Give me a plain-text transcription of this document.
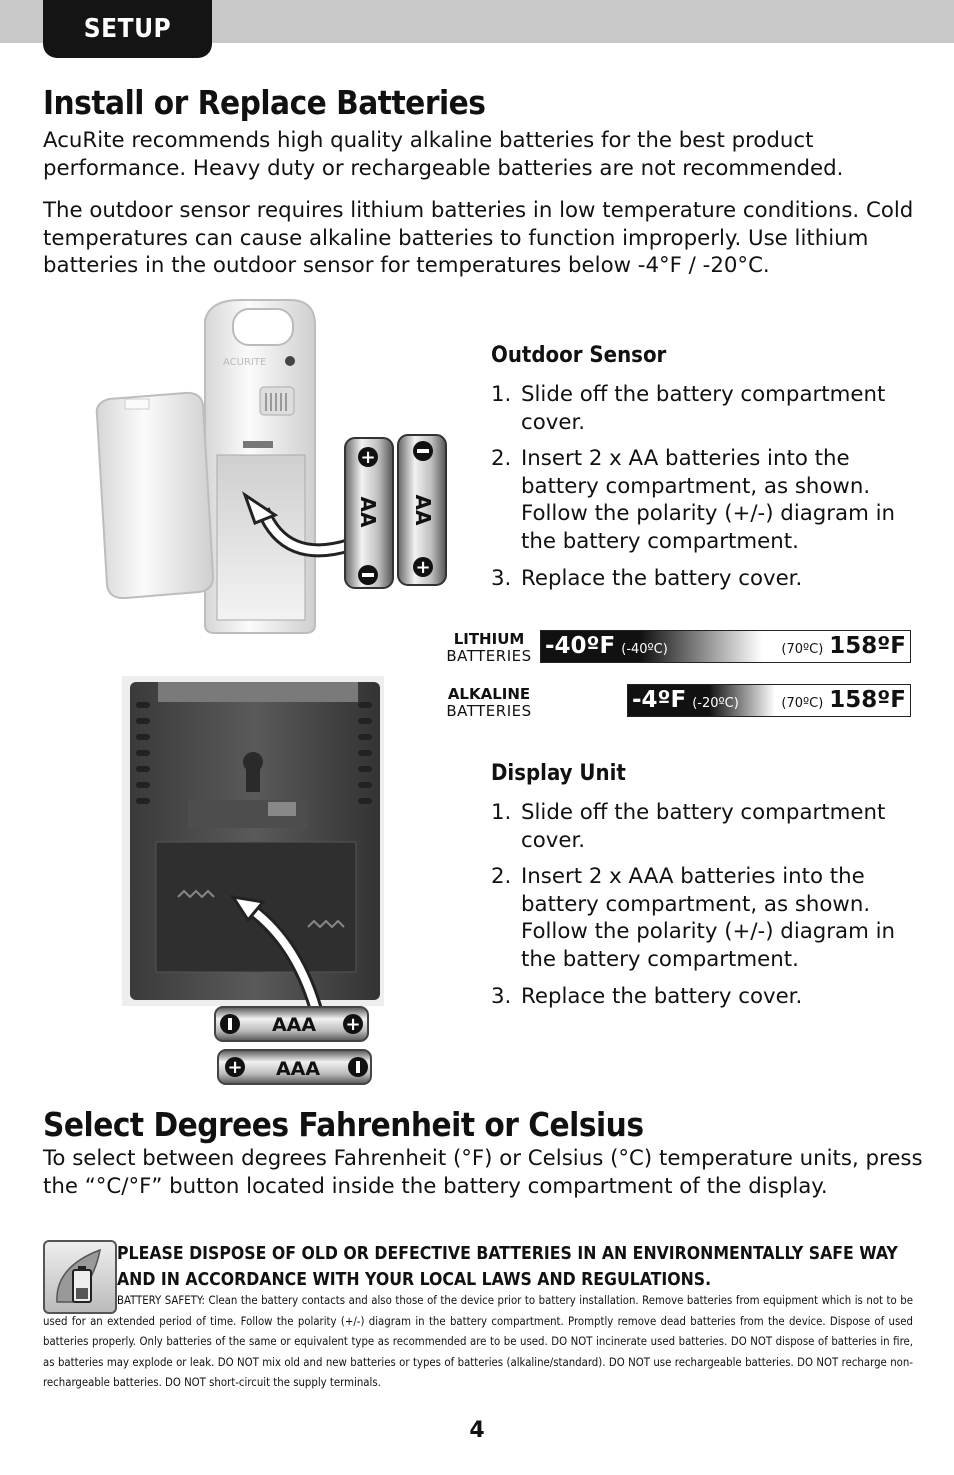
SETUP
Install or Replace Batteries
AcuRite recommends high quality alkaline batteries for the best product performance. Heavy duty or rechargeable batteries are not recommended.
The outdoor sensor requires lithium batteries in low temperature conditions. Cold temperatures can cause alkaline batteries to function improperly. Use lithium batteries in the outdoor sensor for temperatures below -4°F / -20°C.
ACURITE
+
+
AA AA
Outdoor Sensor
1. Slide off the battery compartment cover.
2. Insert 2 x AA batteries into the battery compartment, as shown. Follow the polarity (+/-) diagram in the battery compartment.
3. Replace the battery cover.
LITHIUM
BATTERIES -40ºF (-40ºC)	(70ºC) 158ºF
ALKALINE
BATTERIES	-4ºF (-20ºC)	(70ºC) 158ºF
+
+
AAA
AAA
Display Unit
1. Slide off the battery compartment cover.
2. Insert 2 x AAA batteries into the battery compartment, as shown. Follow the polarity (+/-) diagram in the battery compartment.
3. Replace the battery cover.
Select Degrees Fahrenheit or Celsius
To select between degrees Fahrenheit (°F) or Celsius (°C) temperature units, press the “°C/°F” button located inside the battery compartment of the display.
PLEASE DISPOSE OF OLD OR DEFECTIVE BATTERIES IN AN ENVIRONMENTALLY SAFE WAY AND IN ACCORDANCE WITH YOUR LOCAL LAWS AND REGULATIONS.
BATTERY SAFETY: Clean the battery contacts and also those of the device prior to battery installation. Remove batteries from equipment which is not to be used for an extended period of time. Follow the polarity (+/-) diagram in the battery compartment. Promptly remove dead batteries from the device. Dispose of used batteries properly. Only batteries of the same or equivalent type as recommended are to be used. DO NOT incinerate used batteries. DO NOT dispose of batteries in fire, as batteries may explode or leak. DO NOT mix old and new batteries or types of batteries (alkaline/standard). DO NOT use rechargeable batteries. DO NOT recharge non-rechargeable batteries. DO NOT short-circuit the supply terminals.
4
